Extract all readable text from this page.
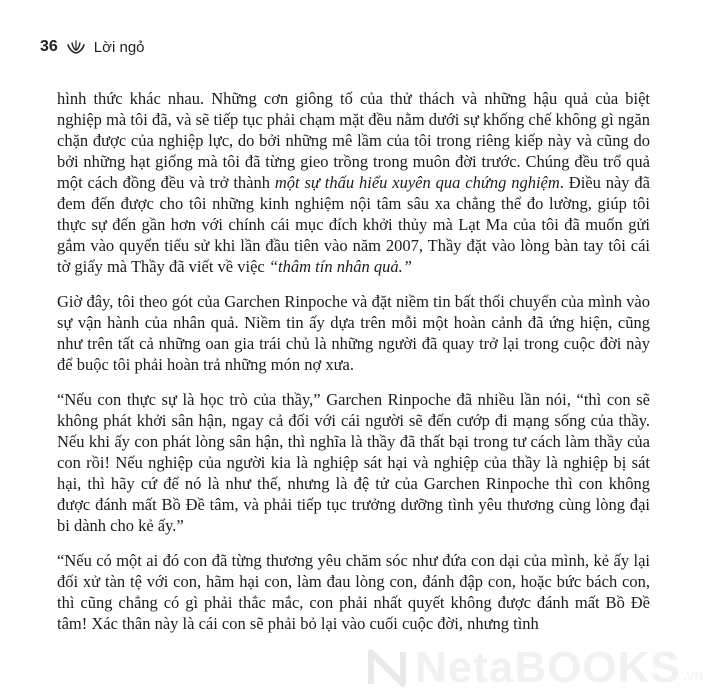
36 Lời ngỏ

hình thức khác nhau. Những cơn giông tố của thử thách và những hậu quả của biệt nghiệp mà tôi đã, và sẽ tiếp tục phải chạm mặt đều nằm dưới sự khống chế không gì ngăn chặn được của nghiệp lực, do bởi những mê lầm của tôi trong riêng kiếp này và cũng do bởi những hạt giống mà tôi đã từng gieo trồng trong muôn đời trước. Chúng đều trổ quả một cách đồng đều và trở thành một sự thấu hiểu xuyên qua chứng nghiệm. Điều này đã đem đến được cho tôi những kinh nghiệm nội tâm sâu xa chẳng thể đo lường, giúp tôi thực sự đến gần hơn với chính cái mục đích khởi thủy mà Lạt Ma của tôi đã muốn gửi gắm vào quyển tiểu sử khi lần đầu tiên vào năm 2007, Thầy đặt vào lòng bàn tay tôi cái tờ giấy mà Thầy đã viết về việc “thâm tín nhân quả.”

Giờ đây, tôi theo gót của Garchen Rinpoche và đặt niềm tin bất thối chuyển của mình vào sự vận hành của nhân quả. Niềm tin ấy dựa trên mỗi một hoàn cảnh đã ứng hiện, cũng như trên tất cả những oan gia trái chủ là những người đã quay trở lại trong cuộc đời này để buộc tôi phải hoàn trả những món nợ xưa.

“Nếu con thực sự là học trò của thầy,” Garchen Rinpoche đã nhiều lần nói, “thì con sẽ không phát khởi sân hận, ngay cả đối với cái người sẽ đến cướp đi mạng sống của thầy. Nếu khi ấy con phát lòng sân hận, thì nghĩa là thầy đã thất bại trong tư cách làm thầy của con rồi! Nếu nghiệp của người kia là nghiệp sát hại và nghiệp của thầy là nghiệp bị sát hại, thì hãy cứ để nó là như thế, nhưng là đệ tử của Garchen Rinpoche thì con không được đánh mất Bồ Đề tâm, và phải tiếp tục trưởng dưỡng tình yêu thương cùng lòng đại bi dành cho kẻ ấy.”

“Nếu có một ai đó con đã từng thương yêu chăm sóc như đứa con dại của mình, kẻ ấy lại đối xử tàn tệ với con, hãm hại con, làm đau lòng con, đánh đập con, hoặc bức bách con, thì cũng chẳng có gì phải thắc mắc, con phải nhất quyết không được đánh mất Bồ Đề tâm! Xác thân này là cái con sẽ phải bỏ lại vào cuối cuộc đời, nhưng tình

NetaBOOKS .vn
